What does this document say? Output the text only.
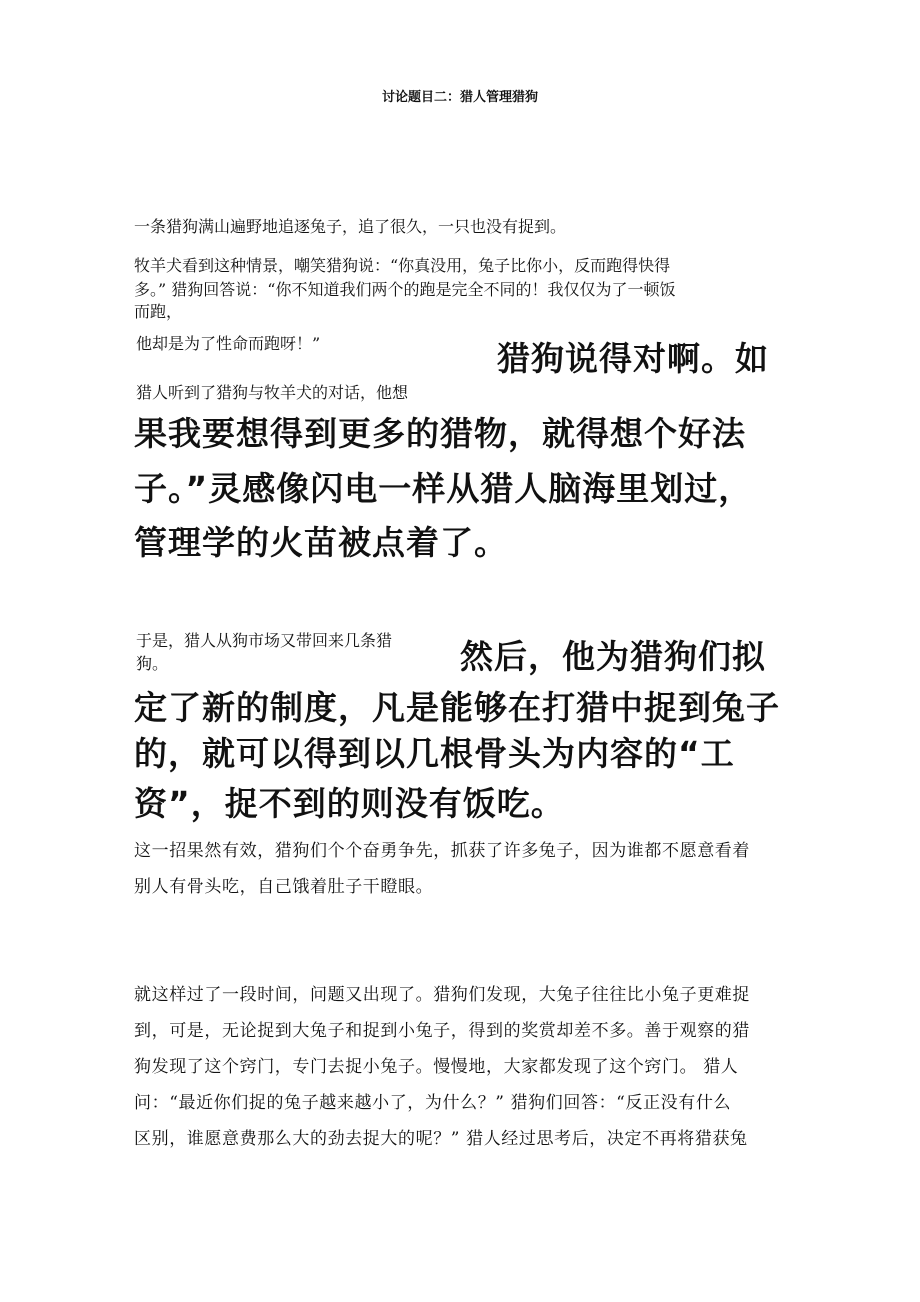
讨论题目二：猎人管理猎狗

一条猎狗满山遍野地追逐兔子，追了很久，一只也没有捉到。

牧羊犬看到这种情景，嘲笑猎狗说：“你真没用，兔子比你小，反而跑得快得

多。” 猎狗回答说：“你不知道我们两个的跑是完全不同的！我仅仅为了一顿饭

而跑，

他却是为了性命而跑呀！”	猎狗说得对啊。如

猎人听到了猎狗与牧羊犬的对话，他想

果我要想得到更多的猎物，就得想个好法

子。”灵感像闪电一样从猎人脑海里划过，

管理学的火苗被点着了。

于是，猎人从狗市场又带回来几条猎

狗。	然后，他为猎狗们拟

定了新的制度，凡是能够在打猎中捉到兔子

的，就可以得到以几根骨头为内容的“工

资”，捉不到的则没有饭吃。

这一招果然有效，猎狗们个个奋勇争先，抓获了许多兔子，因为谁都不愿意看着

别人有骨头吃，自己饿着肚子干瞪眼。

就这样过了一段时间，问题又出现了。猎狗们发现，大兔子往往比小兔子更难捉

到，可是，无论捉到大兔子和捉到小兔子，得到的奖赏却差不多。善于观察的猎

狗发现了这个窍门，专门去捉小兔子。慢慢地，大家都发现了这个窍门。 猎人

问：“最近你们捉的兔子越来越小了，为什么？” 猎狗们回答：“反正没有什么

区别，谁愿意费那么大的劲去捉大的呢？” 猎人经过思考后，决定不再将猎获兔
